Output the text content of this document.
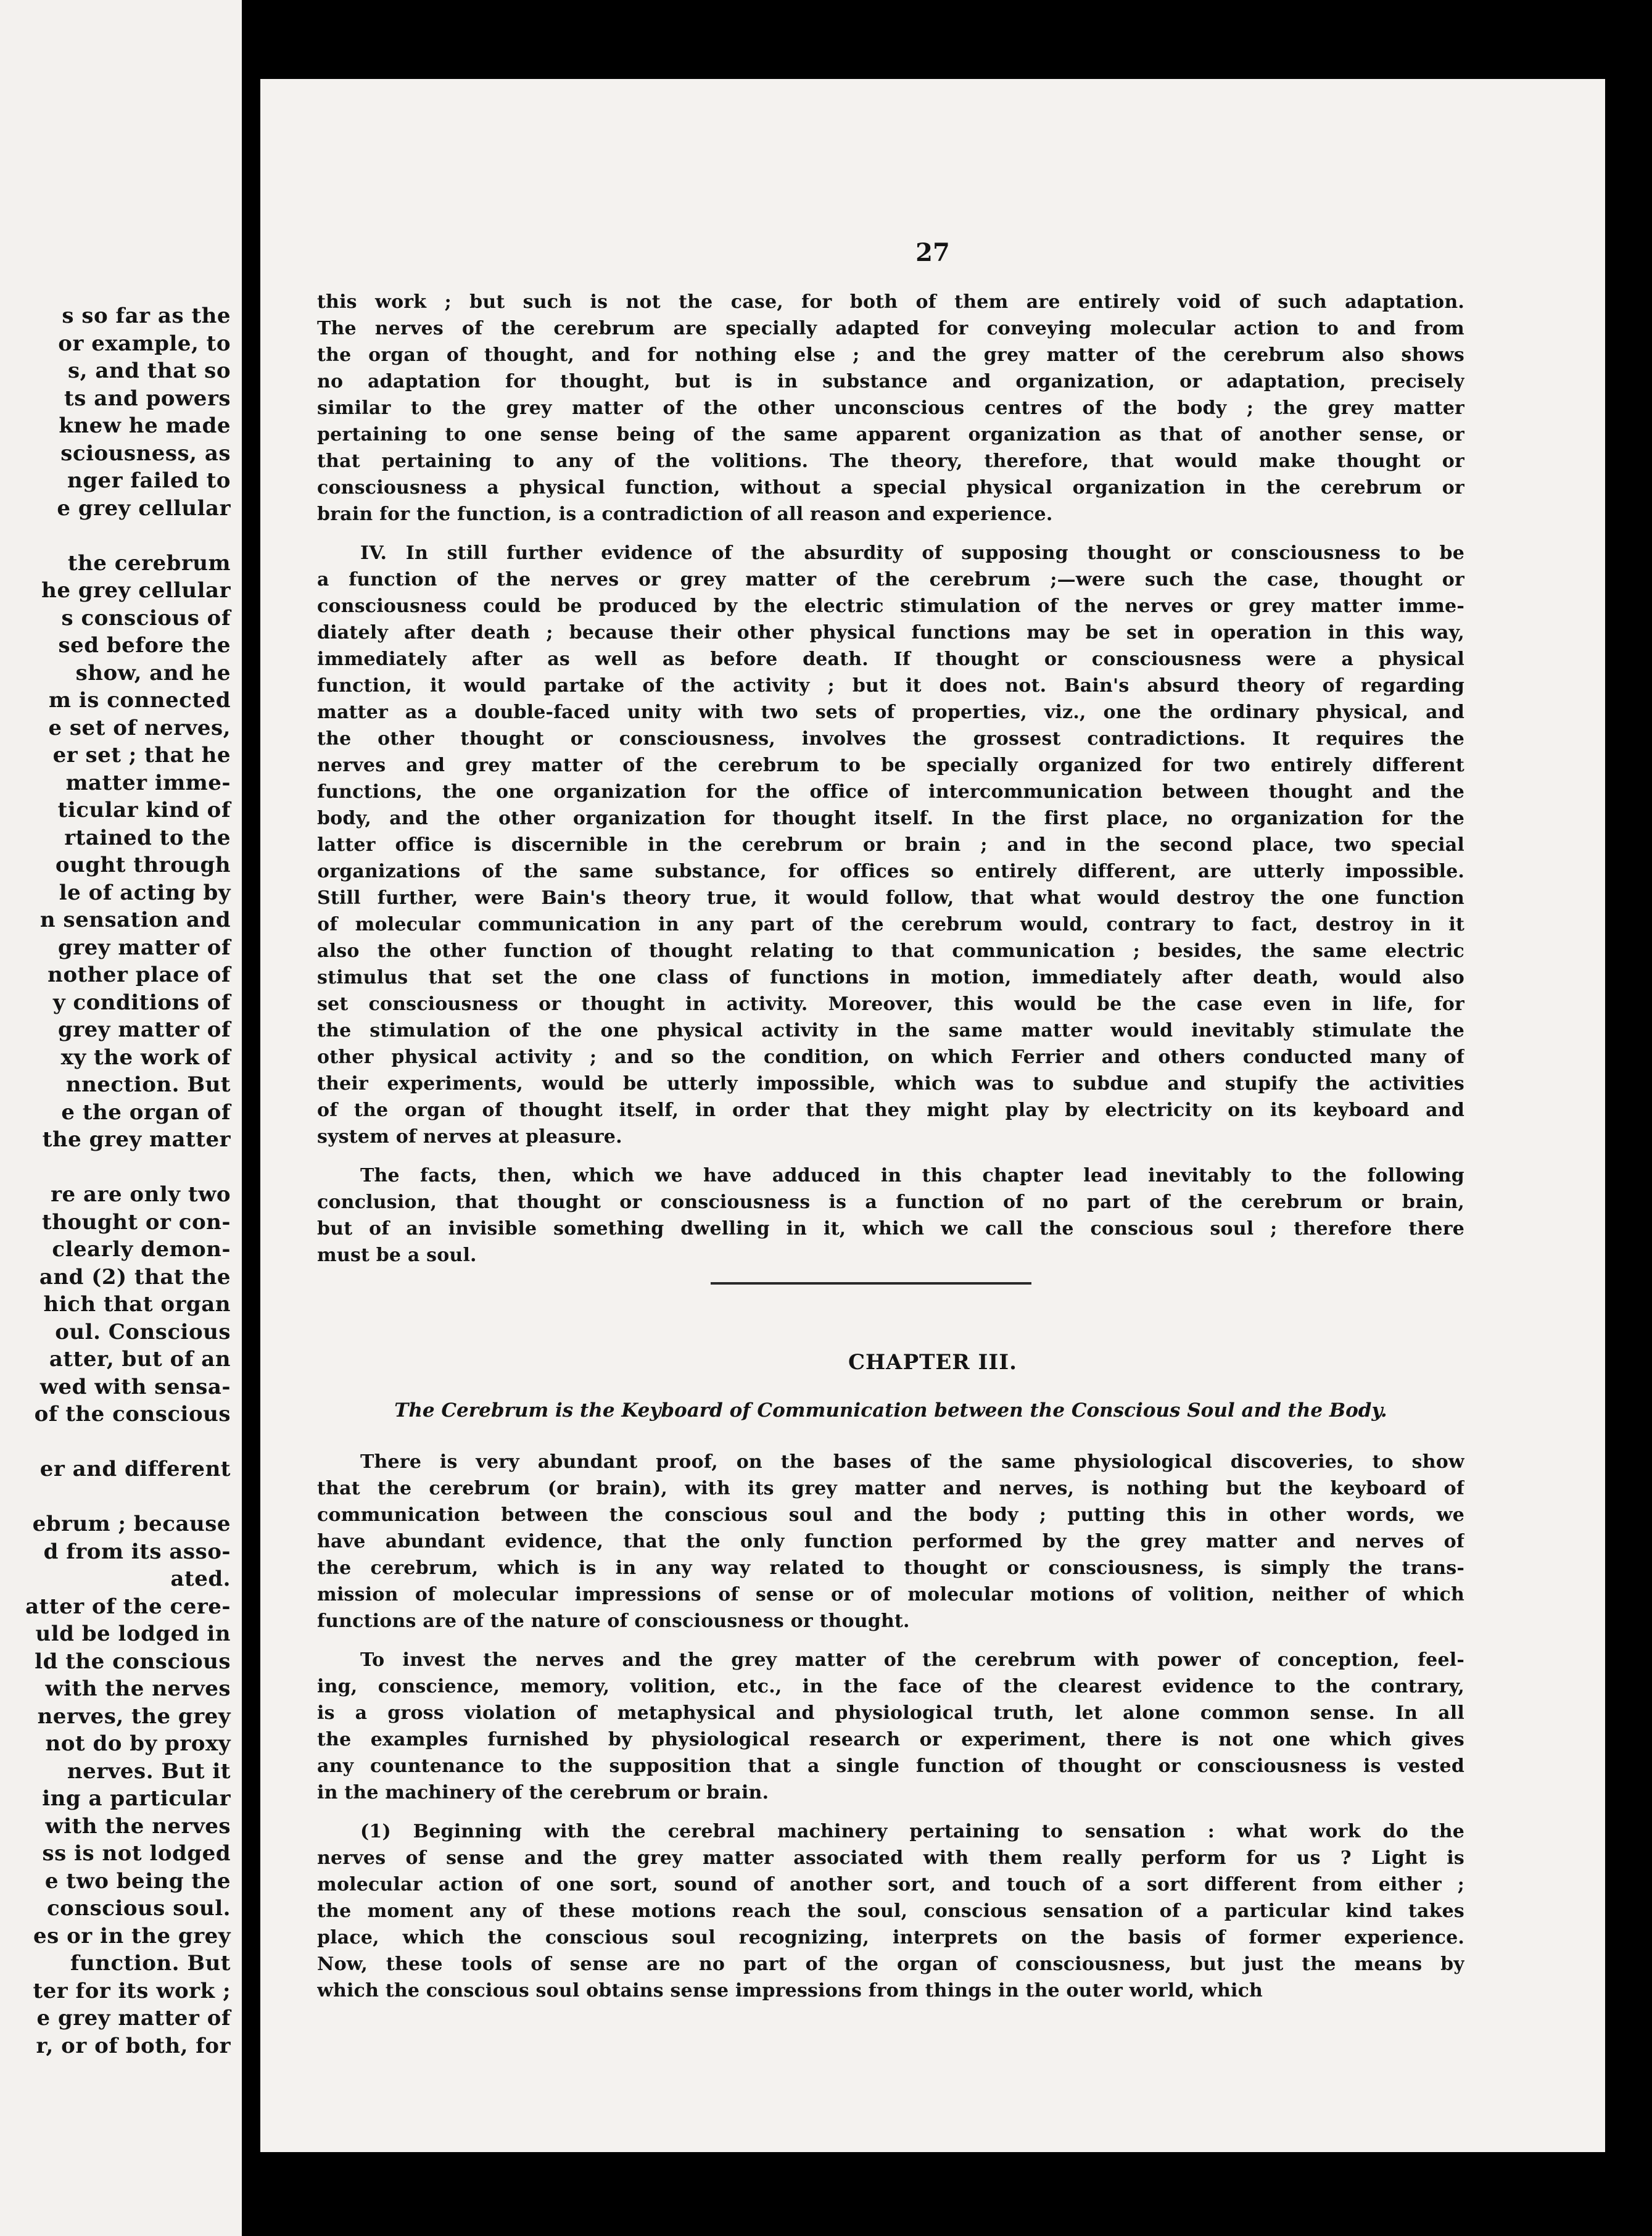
s so far as the
or example, to
s, and that so
ts and powers
knew he made
sciousness, as
nger failed to
e grey cellular
the cerebrum
he grey cellular
s conscious of
sed before the
show, and he
m is connected
e set of nerves,
er set ; that he
matter imme-
ticular kind of
rtained to the
ought through
le of acting by
n sensation and
grey matter of
nother place of
y conditions of
grey matter of
xy the work of
nnection. But
e the organ of
the grey matter
re are only two
thought or con-
clearly demon-
and (2) that the
hich that organ
oul. Conscious
atter, but of an
wed with sensa-
of the conscious
er and different
ebrum ; because
d from its asso-
ated.
atter of the cere-
uld be lodged in
ld the conscious
with the nerves
nerves, the grey
not do by proxy
nerves. But it
ing a particular
with the nerves
ss is not lodged
e two being the
conscious soul.
es or in the grey
function. But
ter for its work ;
e grey matter of
r, or of both, for
27
this work ; but such is not the case, for both of them are entirely void of such adaptation.
The nerves of the cerebrum are specially adapted for conveying molecular action to and from
the organ of thought, and for nothing else ; and the grey matter of the cerebrum also shows
no adaptation for thought, but is in substance and organization, or adaptation, precisely
similar to the grey matter of the other unconscious centres of the body ; the grey matter
pertaining to one sense being of the same apparent organization as that of another sense, or
that pertaining to any of the volitions. The theory, therefore, that would make thought or
consciousness a physical function, without a special physical organization in the cerebrum or
brain for the function, is a contradiction of all reason and experience.
IV. In still further evidence of the absurdity of supposing thought or consciousness to be
a function of the nerves or grey matter of the cerebrum ;—were such the case, thought or
consciousness could be produced by the electric stimulation of the nerves or grey matter imme-
diately after death ; because their other physical functions may be set in operation in this way,
immediately after as well as before death. If thought or consciousness were a physical
function, it would partake of the activity ; but it does not. Bain's absurd theory of regarding
matter as a double-faced unity with two sets of properties, viz., one the ordinary physical, and
the other thought or consciousness, involves the grossest contradictions. It requires the
nerves and grey matter of the cerebrum to be specially organized for two entirely different
functions, the one organization for the office of intercommunication between thought and the
body, and the other organization for thought itself. In the first place, no organization for the
latter office is discernible in the cerebrum or brain ; and in the second place, two special
organizations of the same substance, for offices so entirely different, are utterly impossible.
Still further, were Bain's theory true, it would follow, that what would destroy the one function
of molecular communication in any part of the cerebrum would, contrary to fact, destroy in it
also the other function of thought relating to that communication ; besides, the same electric
stimulus that set the one class of functions in motion, immediately after death, would also
set consciousness or thought in activity. Moreover, this would be the case even in life, for
the stimulation of the one physical activity in the same matter would inevitably stimulate the
other physical activity ; and so the condition, on which Ferrier and others conducted many of
their experiments, would be utterly impossible, which was to subdue and stupify the activities
of the organ of thought itself, in order that they might play by electricity on its keyboard and
system of nerves at pleasure.
The facts, then, which we have adduced in this chapter lead inevitably to the following
conclusion, that thought or consciousness is a function of no part of the cerebrum or brain,
but of an invisible something dwelling in it, which we call the conscious soul ; therefore there
must be a soul.
CHAPTER III.
The Cerebrum is the Keyboard of Communication between the Conscious Soul and the Body.
There is very abundant proof, on the bases of the same physiological discoveries, to show
that the cerebrum (or brain), with its grey matter and nerves, is nothing but the keyboard of
communication between the conscious soul and the body ; putting this in other words, we
have abundant evidence, that the only function performed by the grey matter and nerves of
the cerebrum, which is in any way related to thought or consciousness, is simply the trans-
mission of molecular impressions of sense or of molecular motions of volition, neither of which
functions are of the nature of consciousness or thought.
To invest the nerves and the grey matter of the cerebrum with power of conception, feel-
ing, conscience, memory, volition, etc., in the face of the clearest evidence to the contrary,
is a gross violation of metaphysical and physiological truth, let alone common sense. In all
the examples furnished by physiological research or experiment, there is not one which gives
any countenance to the supposition that a single function of thought or consciousness is vested
in the machinery of the cerebrum or brain.
(1) Beginning with the cerebral machinery pertaining to sensation : what work do the
nerves of sense and the grey matter associated with them really perform for us ? Light is
molecular action of one sort, sound of another sort, and touch of a sort different from either ;
the moment any of these motions reach the soul, conscious sensation of a particular kind takes
place, which the conscious soul recognizing, interprets on the basis of former experience.
Now, these tools of sense are no part of the organ of consciousness, but just the means by
which the conscious soul obtains sense impressions from things in the outer world, which
